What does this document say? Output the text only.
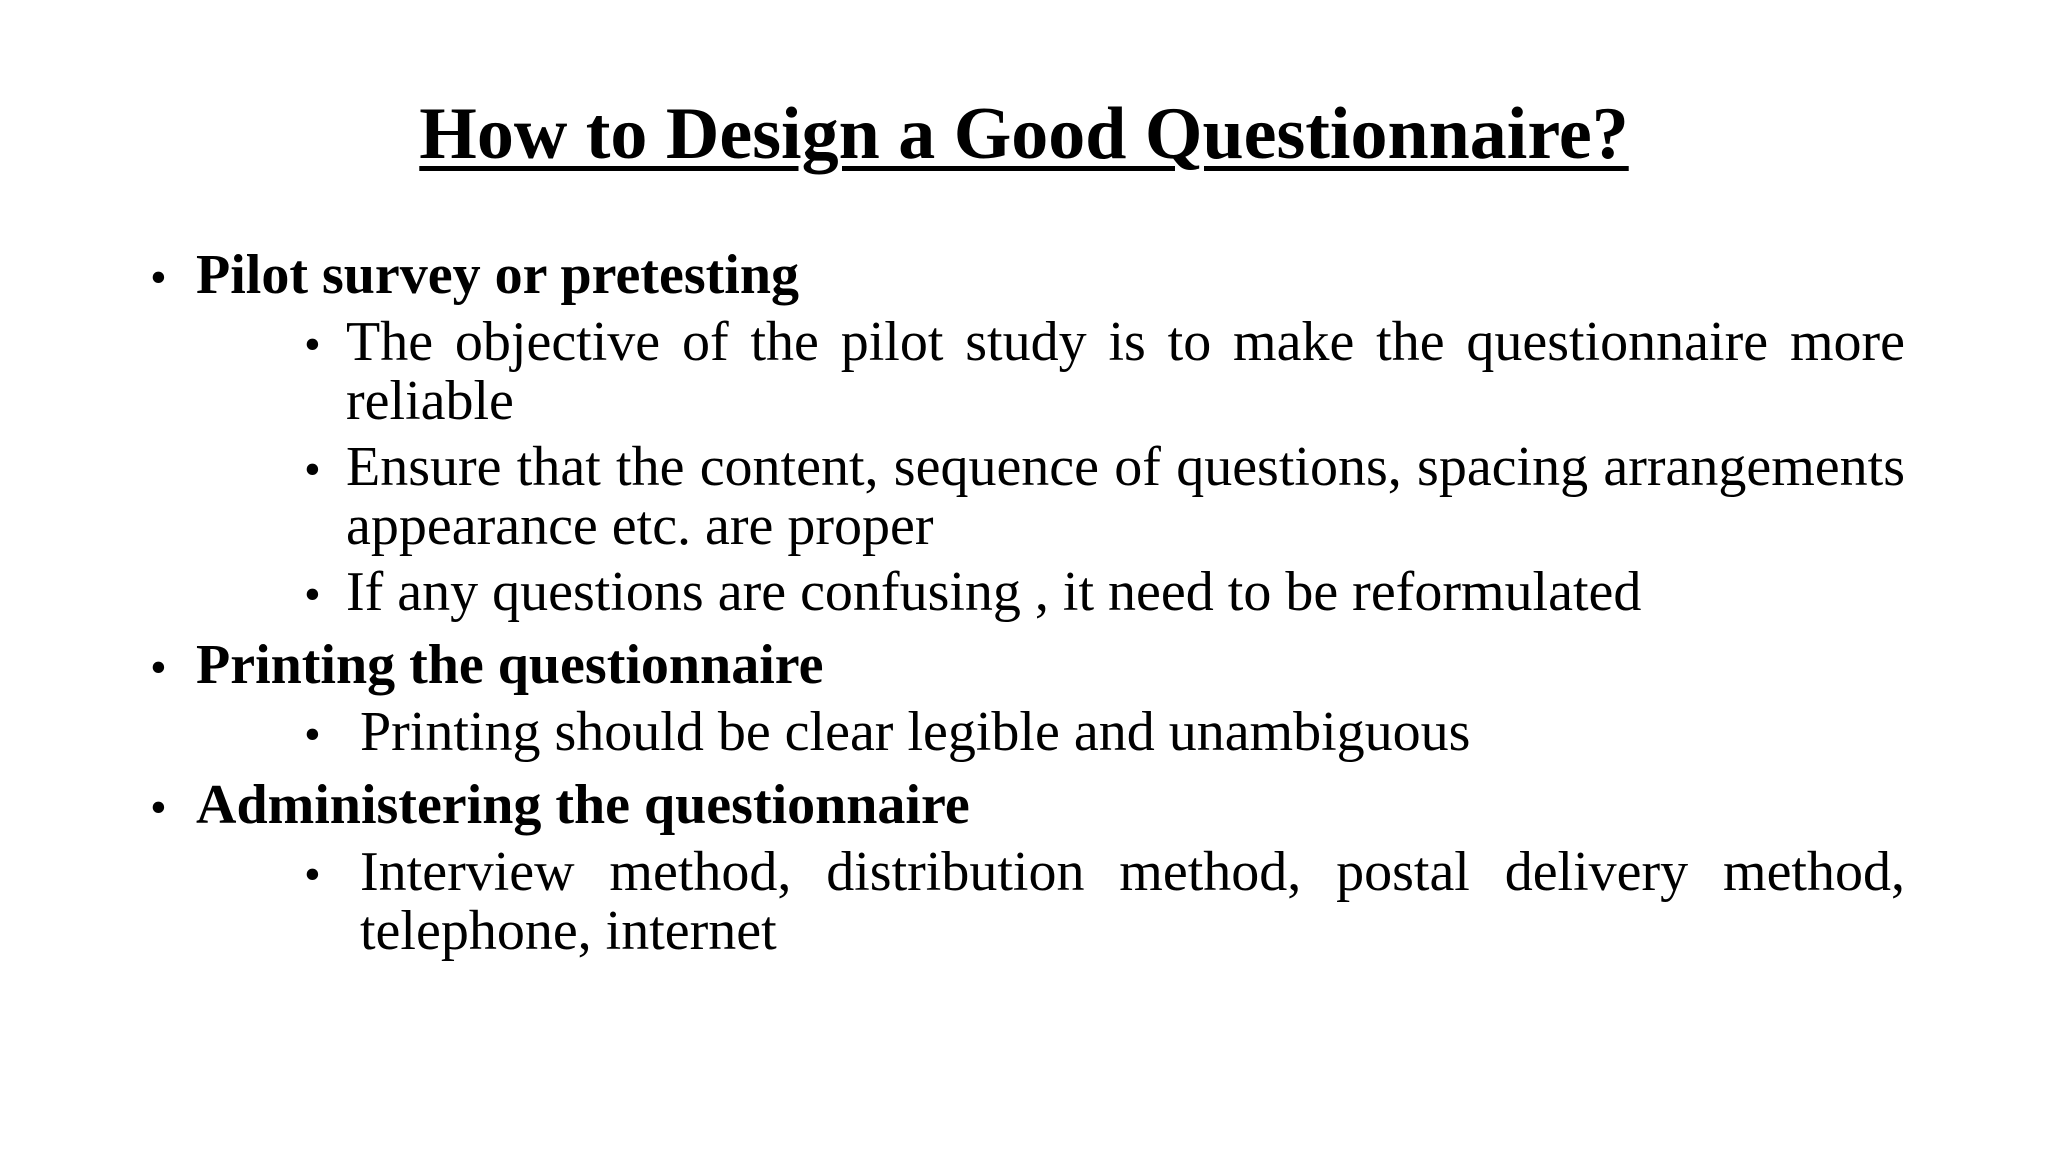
How to Design a Good Questionnaire?
• Pilot survey or pretesting
• The objective of the pilot study is to make the questionnaire more reliable
• Ensure that the content, sequence of questions, spacing arrangements appearance etc. are proper
• If any questions are confusing , it need to be reformulated
• Printing the questionnaire
• Printing should be clear legible and unambiguous
• Administering the questionnaire
• Interview method, distribution method, postal delivery method, telephone, internet
